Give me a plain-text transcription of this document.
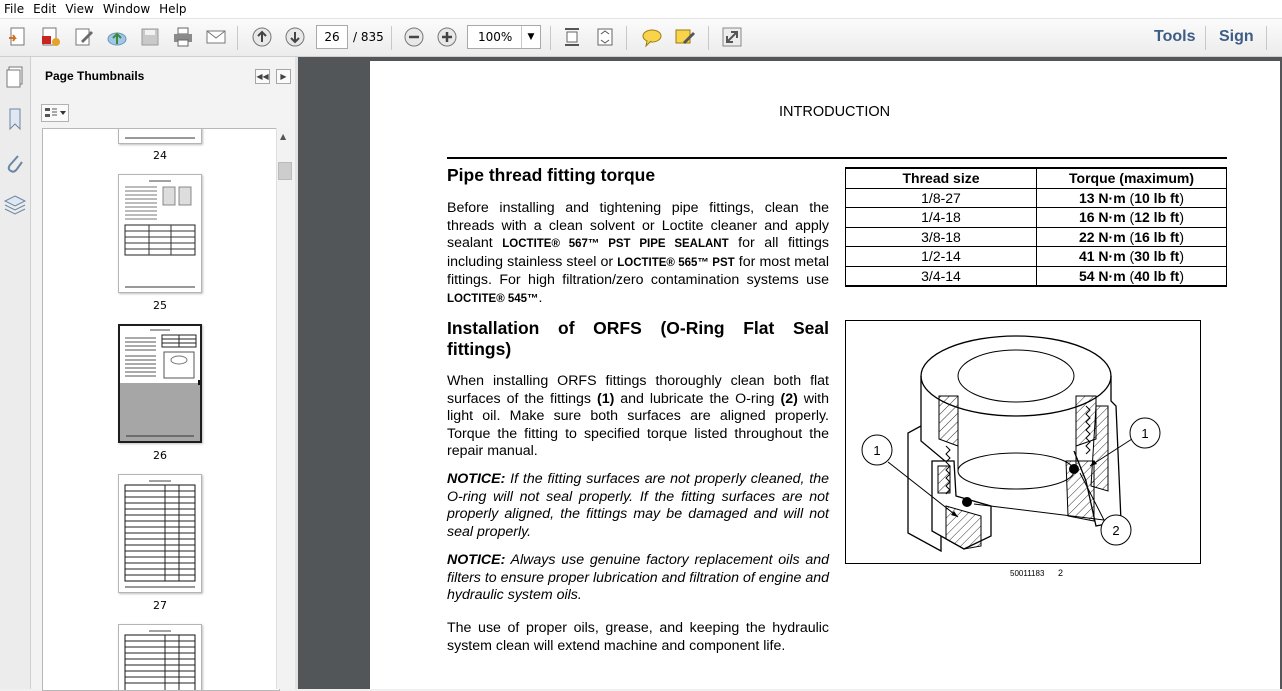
File Edit View Window Help
26	/ 835	100%	▼	Tools Sign
Page Thumbnails	◀◀	▶
24
25
26
27
▲
INTRODUCTION
Pipe thread fitting torque
Before installing and tightening pipe fittings, clean the threads with a clean solvent or Loctite cleaner and apply sealant LOCTITE® 567™ PST PIPE SEALANT for all fittings including stainless steel or LOCTITE® 565™ PST for most metal fittings. For high filtration/zero contamination systems use LOCTITE® 545™.
Thread size	Torque (maximum)
1/8-27	13 N·m (10 lb ft)
1/4-18	16 N·m (12 lb ft)
3/8-18	22 N·m (16 lb ft)
1/2-14	41 N·m (30 lb ft)
3/4-14	54 N·m (40 lb ft)
Installation of ORFS (O-Ring Flat Seal fittings)
When installing ORFS fittings thoroughly clean both flat surfaces of the fittings (1) and lubricate the O-ring (2) with light oil. Make sure both surfaces are aligned properly. Torque the fitting to specified torque listed throughout the repair manual.
NOTICE: If the fitting surfaces are not properly cleaned, the O-ring will not seal properly. If the fitting surfaces are not properly aligned, the fittings may be damaged and will not seal properly.
NOTICE: Always use genuine factory replacement oils and filters to ensure proper lubrication and filtration of engine and hydraulic system oils.
The use of proper oils, grease, and keeping the hydraulic system clean will extend machine and component life.
1
1
2
50011183 2
